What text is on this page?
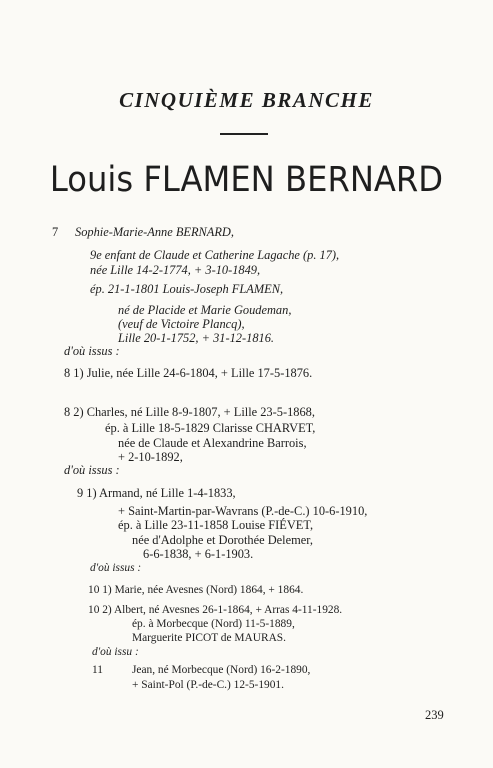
CINQUIÈME BRANCHE
Louis FLAMEN BERNARD
7 Sophie-Marie-Anne BERNARD,
9e enfant de Claude et Catherine Lagache (p. 17),
née Lille 14-2-1774, + 3-10-1849,
ép. 21-1-1801 Louis-Joseph FLAMEN,
né de Placide et Marie Goudeman,
(veuf de Victoire Plancq),
Lille 20-1-1752, + 31-12-1816.
d'où issus :
8 1) Julie, née Lille 24-6-1804, + Lille 17-5-1876.
8 2) Charles, né Lille 8-9-1807, + Lille 23-5-1868,
ép. à Lille 18-5-1829 Clarisse CHARVET,
née de Claude et Alexandrine Barrois,
+ 2-10-1892,
d'où issus :
9 1) Armand, né Lille 1-4-1833,
+ Saint-Martin-par-Wavrans (P.-de-C.) 10-6-1910,
ép. à Lille 23-11-1858 Louise FIÉVET,
née d'Adolphe et Dorothée Delemer,
6-6-1838, + 6-1-1903.
d'où issus :
10 1) Marie, née Avesnes (Nord) 1864, + 1864.
10 2) Albert, né Avesnes 26-1-1864, + Arras 4-11-1928.
ép. à Morbecque (Nord) 11-5-1889,
Marguerite PICOT de MAURAS.
d'où issu :
11	Jean, né Morbecque (Nord) 16-2-1890,
+ Saint-Pol (P.-de-C.) 12-5-1901.
239
